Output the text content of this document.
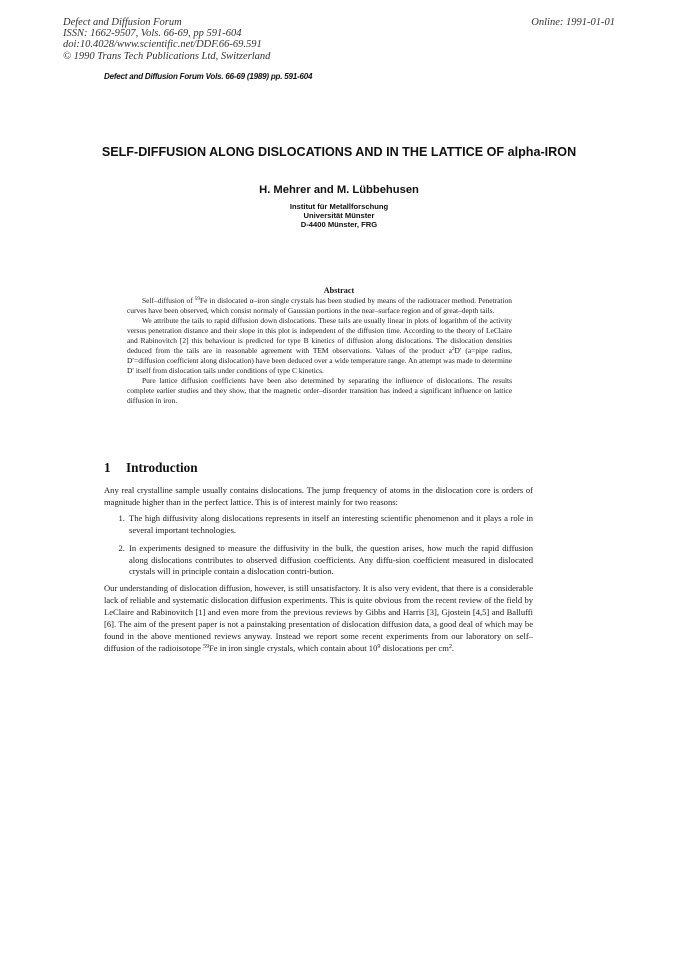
Defect and Diffusion Forum
ISSN: 1662-9507, Vols. 66-69, pp 591-604
doi:10.4028/www.scientific.net/DDF.66-69.591
© 1990 Trans Tech Publications Ltd, Switzerland
Online: 1991-01-01
Defect and Diffusion Forum Vols. 66-69 (1989) pp. 591-604
SELF-DIFFUSION ALONG DISLOCATIONS AND IN THE LATTICE OF alpha-IRON
H. Mehrer and M. Lübbehusen
Institut für Metallforschung
Universität Münster
D-4400 Münster, FRG
Abstract

Self–diffusion of $^{59}$Fe in dislocated α–iron single crystals has been studied by means of the radiotracer method. Penetration curves have been observed, which consist normaly of Gaussian portions in the near–surface region and of great–depth tails.

We attribute the tails to rapid diffusion down dislocations. These tails are usually linear in plots of logarithm of the activity versus penetration distance and their slope in this plot is independent of the diffusion time. According to the theory of LeClaire and Rabinovitch [2] this behaviour is predicted for type B kinetics of diffusion along dislocations. The dislocation densities deduced from the tails are in reasonable agreement with TEM observations. Values of the product $a^2D'$ (a=pipe radius, D′=diffusion coefficient along dislocation) have been deduced over a wide temperature range. An attempt was made to determine D′ itself from dislocation tails under conditions of type C kinetics.

Pure lattice diffusion coefficients have been also determined by separating the influence of dislocations. The results complete earlier studies and they show, that the magnetic order–disorder transition has indeed a significant influence on lattice diffusion in iron.

1 Introduction

Any real crystalline sample usually contains dislocations. The jump frequency of atoms in the dislocation core is orders of magnitude higher than in the perfect lattice. This is of interest mainly for two reasons:

1. The high diffusivity along dislocations represents in itself an interesting scientific phenomenon and it plays a role in several important technologies.
2. In experiments designed to measure the diffusivity in the bulk, the question arises, how much the rapid diffusion along dislocations contributes to observed diffusion coefficients. Any diffu-sion coefficient measured in dislocated crystals will in principle contain a dislocation contri-bution.

Our understanding of dislocation diffusion, however, is still unsatisfactory. It is also very evident, that there is a considerable lack of reliable and systematic dislocation diffusion experiments. This is quite obvious from the recent review of the field by LeClaire and Rabinovitch [1] and even more from the previous reviews by Gibbs and Harris [3], Gjostein [4,5] and Balluffi [6]. The aim of the present paper is not a painstaking presentation of dislocation diffusion data, a good deal of which may be found in the above mentioned reviews anyway. Instead we report some recent experiments from our laboratory on self–diffusion of the radioisotope $^{59}$Fe in iron single crystals, which contain about $10^9$ dislocations per $cm^2$.
